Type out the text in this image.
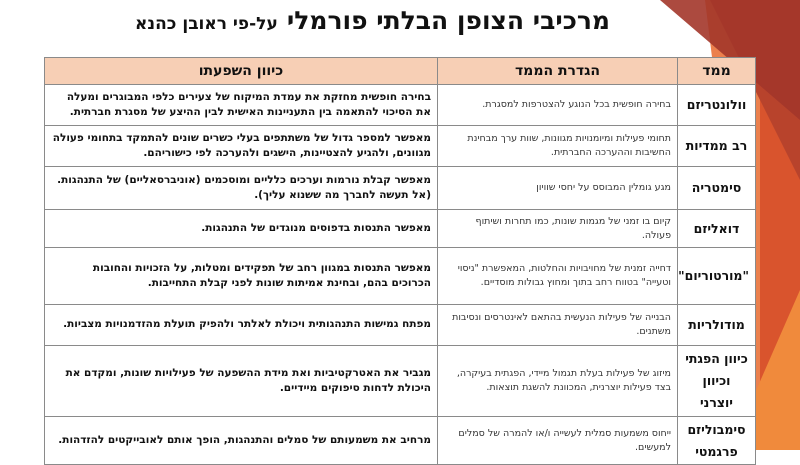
מרכיבי הצופן הבלתי פורמלי על-פי ראובן כהנא
ממד	הגדרת הממד	כיוון השפעתו
וולונטריזם	בחירה חופשית בכל הנוגע להצטרפות למסגרת.	בחירה חופשית מחזקת את עמדת המיקוח של צעירים כלפי המבוגרים ומעלה את הסיכוי להתאמה בין התעניינות האישית לבין ההיצע של מסגרת חברתית.
רב ממדיות	תחומי פעילות ומיומנויות מגוונות, שוות ערך מבחינת החשיבות וההערכה החברתית.	מאפשר למספר גדול של משתתפים בעלי כשרים שונים להתמקד בתחומי פעולה מגוונים, ולהגיע להצטיינות, הישגים ולהערכה לפי כישוריהם.
סימטריה	מגע גומלין המבוסס על יחסי שוויון	מאפשר קבלת נורמות וערכים כלליים ומוסכמים (אוניברסאליים) של התנהגות. (אל תעשה לחברך מה ששנוא עליך).
דואליזם	קיום בו זמני של מגמות שונות, כמו תחרות ושיתוף פעולה.	מאפשר התנסות בדפוסים מנוגדים של התנהגות.
"מורטוריום"	דחייה זמנית של מחויבויות והחלטות, המאפשרת "ניסוי וטעייה" בטווח רחב בתוך ומחוץ גבולות מוסדיים.	מאפשר התנסות במגוון רחב של תפקידים ומטלות, על הזכויות והחובות הכרוכים בהם, ובחינת אמיתות שונות לפני קבלת התחייבות.
מודולריות	הבנייה של פעילות הנעשית בהתאם לאינטרסים ונסיבות משתנים.	מפתח גמישות התנהגותית ויכולת לאלתר ולהפיק תועלת מהזדמנויות מצביות.
כיוון הפגתי וכיוון יוצרני	מיזוג של פעילות בעלת תגמול מיידי, הפגתית בעיקרה, בצד פעילות יוצרנית, המכוונת להשגת תוצאות.	מגביר את האטרקטיביות ואת מידת ההשפעה של פעילויות שונות, ומקדם את היכולת לדחות סיפוקים מיידיים.
סימבוליזם פרגמטי	ייחוס משמעות סמלית לעשייה ו/או להמרה של סמלים למעשים.	מרחיב את משמעותם של סמלים והתנהגות, הופך אותם לאובייקטים להזדהות.
